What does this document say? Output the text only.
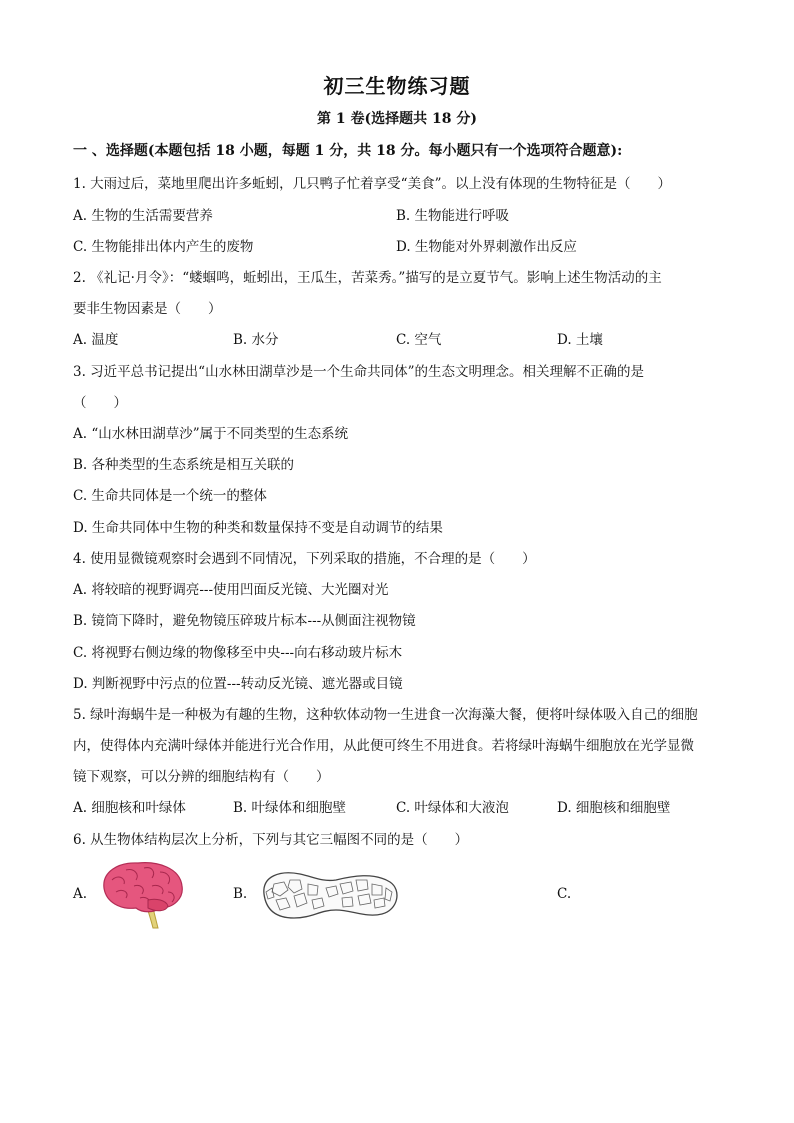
初三生物练习题
第 1 卷(选择题共 18 分)
一 、选择题(本题包括 18 小题，每题 1 分，共 18 分。每小题只有一个选项符合题意):
1. 大雨过后，菜地里爬出许多蚯蚓，几只鸭子忙着享受“美食”。以上没有体现的生物特征是（　　）
A. 生物的生活需要营养	B. 生物能进行呼吸
C. 生物能排出体内产生的废物	D. 生物能对外界刺激作出反应
2. 《礼记·月令》：“蝼蝈鸣，蚯蚓出，王瓜生，苦菜秀。”描写的是立夏节气。影响上述生物活动的主
要非生物因素是（　　）
A. 温度	B. 水分	C. 空气	D. 土壤
3. 习近平总书记提出“山水林田湖草沙是一个生命共同体”的生态文明理念。相关理解不正确的是
（　　）
A. “山水林田湖草沙”属于不同类型的生态系统
B. 各种类型的生态系统是相互关联的
C. 生命共同体是一个统一的整体
D. 生命共同体中生物的种类和数量保持不变是自动调节的结果
4. 使用显微镜观察时会遇到不同情况，下列采取的措施，不合理的是（　　）
A. 将较暗的视野调亮---使用凹面反光镜、大光圈对光
B. 镜筒下降时，避免物镜压碎玻片标本---从侧面注视物镜
C. 将视野右侧边缘的物像移至中央---向右移动玻片标木
D. 判断视野中污点的位置---转动反光镜、遮光器或目镜
5. 绿叶海蜗牛是一种极为有趣的生物，这种软体动物一生进食一次海藻大餐，便将叶绿体吸入自己的细胞
内，使得体内充满叶绿体并能进行光合作用，从此便可终生不用进食。若将绿叶海蜗牛细胞放在光学显微
镜下观察，可以分辨的细胞结构有（　　）
A. 细胞核和叶绿体	B. 叶绿体和细胞壁	C. 叶绿体和大液泡	D. 细胞核和细胞壁
6. 从生物体结构层次上分析，下列与其它三幅图不同的是（　　）
A.	B.	C.
